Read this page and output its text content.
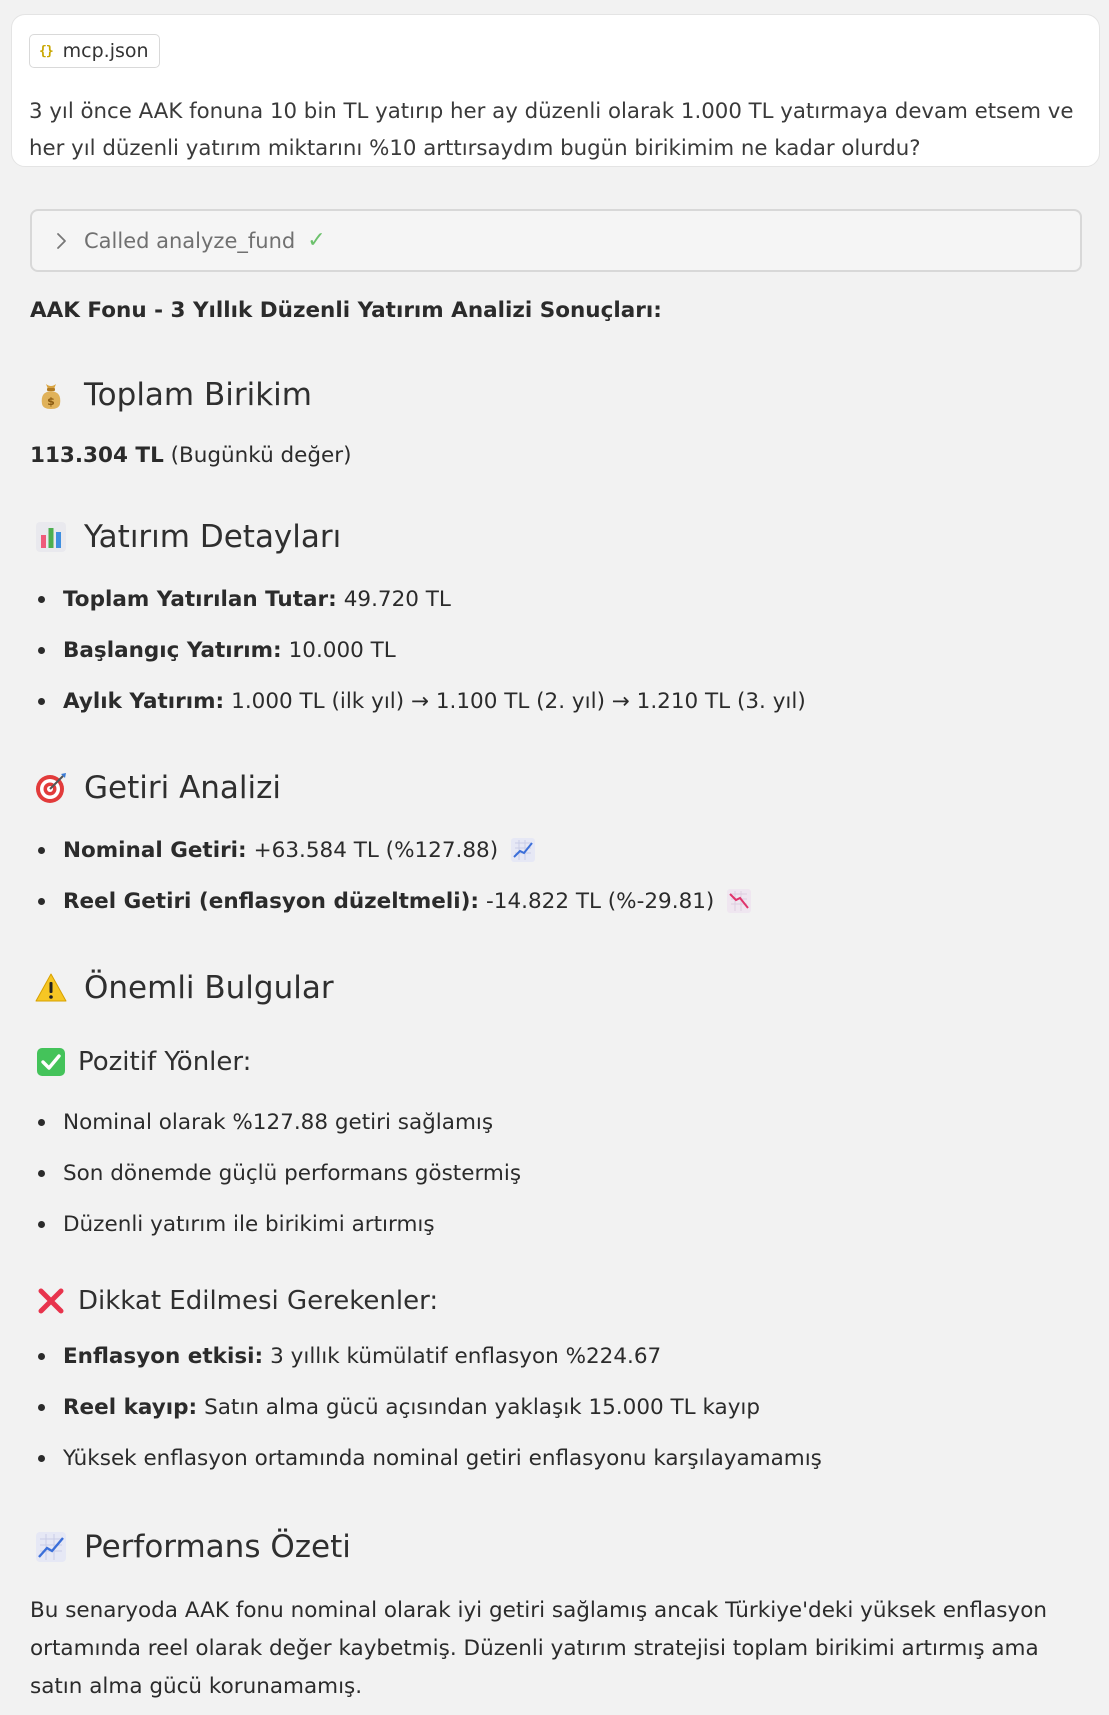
{} mcp.json
3 yıl önce AAK fonuna 10 bin TL yatırıp her ay düzenli olarak 1.000 TL yatırmaya devam etsem ve her yıl düzenli yatırım miktarını %10 arttırsaydım bugün birikimim ne kadar olurdu?
Called analyze_fund ✓
AAK Fonu - 3 Yıllık Düzenli Yatırım Analizi Sonuçları:
$ Toplam Birikim
113.304 TL (Bugünkü değer)
Yatırım Detayları
Toplam Yatırılan Tutar: 49.720 TL
Başlangıç Yatırım: 10.000 TL
Aylık Yatırım: 1.000 TL (ilk yıl) → 1.100 TL (2. yıl) → 1.210 TL (3. yıl)
Getiri Analizi
Nominal Getiri: +63.584 TL (%127.88)
Reel Getiri (enflasyon düzeltmeli): -14.822 TL (%-29.81)
Önemli Bulgular
Pozitif Yönler:
Nominal olarak %127.88 getiri sağlamış
Son dönemde güçlü performans göstermiş
Düzenli yatırım ile birikimi artırmış
Dikkat Edilmesi Gerekenler:
Enflasyon etkisi: 3 yıllık kümülatif enflasyon %224.67
Reel kayıp: Satın alma gücü açısından yaklaşık 15.000 TL kayıp
Yüksek enflasyon ortamında nominal getiri enflasyonu karşılayamamış
Performans Özeti
Bu senaryoda AAK fonu nominal olarak iyi getiri sağlamış ancak Türkiye'deki yüksek enflasyon ortamında reel olarak değer kaybetmiş. Düzenli yatırım stratejisi toplam birikimi artırmış ama satın alma gücü korunamamış.
